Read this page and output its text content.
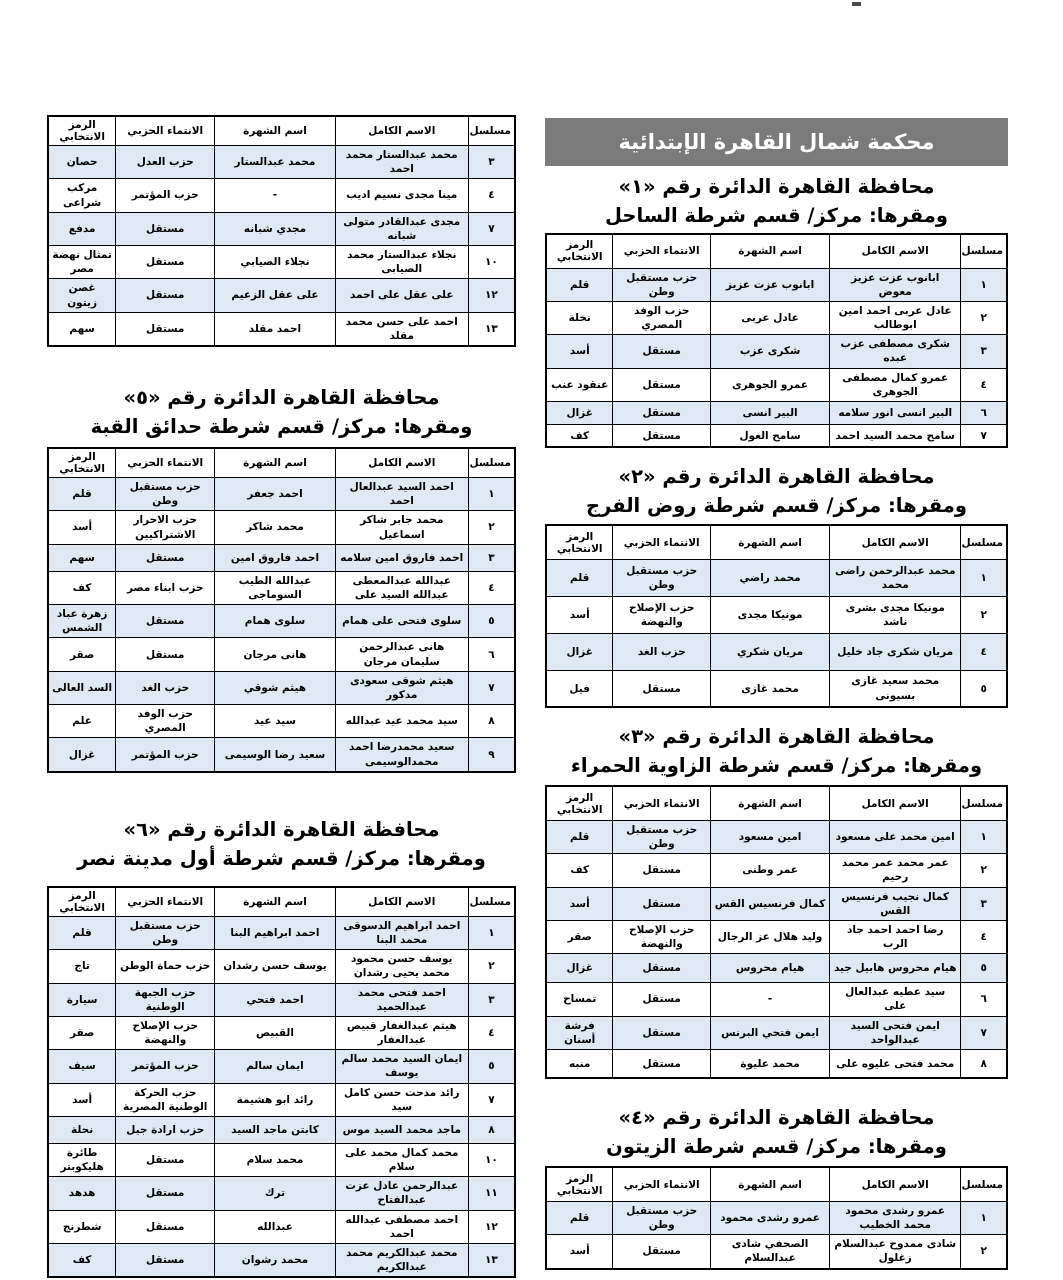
محكمة شمال القاهرة الإبتدائية
محافظة القاهرة الدائرة رقم «١»
ومقرها: مركز/ قسم شرطة الساحل
مسلسل	الاسم الكامل	اسم الشهرة	الانتماء الحزبي	الرمز الانتخابي
١	ابانوب عزت عزيز معوض	ابانوب عزت عزيز	حزب مستقبل وطن	قلم
٢	عادل عربى احمد امين ابوطالب	عادل عربى	حزب الوفد المصري	نخلة
٣	شكرى مصطفى عزب عبده	شكرى عزب	مستقل	أسد
٤	عمرو كمال مصطفى الجوهرى	عمرو الجوهرى	مستقل	عنقود عنب
٦	البير انسى انور سلامه	البير انسى	مستقل	غزال
٧	سامح محمد السيد احمد	سامح الغول	مستقل	كف
محافظة القاهرة الدائرة رقم «٢»
ومقرها: مركز/ قسم شرطة روض الفرج
مسلسل	الاسم الكامل	اسم الشهرة	الانتماء الحزبي	الرمز الانتخابي
١	محمد عبدالرحمن راضى محمد	محمد راضي	حزب مستقبل وطن	قلم
٢	مونيكا مجدى بشرى ناشد	مونيكا مجدى	حزب الإصلاح والنهضة	أسد
٤	مريان شكرى جاد خليل	مريان شكري	حزب الغد	غزال
٥	محمد سعيد غازى بسيونى	محمد غازى	مستقل	فيل
محافظة القاهرة الدائرة رقم «٣»
ومقرها: مركز/ قسم شرطة الزاوية الحمراء
مسلسل	الاسم الكامل	اسم الشهرة	الانتماء الحزبي	الرمز الانتخابي
١	امين محمد على مسعود	امين مسعود	حزب مستقبل وطن	قلم
٢	عمر محمد عمر محمد رحيم	عمر وطنى	مستقل	كف
٣	كمال نجيب فرنسيس القس	كمال فرنسيس القس	مستقل	أسد
٤	رضا احمد احمد جاد الرب	وليد هلال عز الرجال	حزب الإصلاح والنهضة	صقر
٥	هيام محروس هابيل جيد	هيام محروس	مستقل	غزال
٦	سيد عطيه عبدالعال على	-	مستقل	تمساح
٧	ايمن فتحى السيد عبدالواحد	ايمن فتحي البرنس	مستقل	فرشة أسنان
٨	محمد فتحى عليوه على	محمد عليوة	مستقل	منبه
محافظة القاهرة الدائرة رقم «٤»
ومقرها: مركز/ قسم شرطة الزيتون
مسلسل	الاسم الكامل	اسم الشهرة	الانتماء الحزبي	الرمز الانتخابي
١	عمرو رشدى محمود محمد الخطيب	عمرو رشدى محمود	حزب مستقبل وطن	قلم
٢	شادى ممدوح عبدالسلام زغلول	الصحفي شادى عبدالسلام	مستقل	أسد
مسلسل	الاسم الكامل	اسم الشهرة	الانتماء الحزبي	الرمز الانتخابي
٣	محمد عبدالستار محمد احمد	محمد عبدالستار	حزب العدل	حصان
٤	مينا مجدى نسيم اديب	-	حزب المؤتمر	مركب شراعى
٧	مجدى عبدالقادر متولى شبانه	مجدي شبانه	مستقل	مدفع
١٠	نجلاء عبدالستار محمد الصيابى	نجلاء الصيابي	مستقل	تمثال نهضة مصر
١٢	على عقل على احمد	على عقل الزعيم	مستقل	غصن زيتون
١٣	احمد على حسن محمد مقلد	احمد مقلد	مستقل	سهم
محافظة القاهرة الدائرة رقم «٥»
ومقرها: مركز/ قسم شرطة حدائق القبة
مسلسل	الاسم الكامل	اسم الشهرة	الانتماء الحزبي	الرمز الانتخابي
١	احمد السيد عبدالعال احمد	احمد جعفر	حزب مستقبل وطن	قلم
٢	محمد جابر شاكر اسماعيل	محمد شاكر	حزب الاحرار الاشتراكيين	أسد
٣	احمد فاروق امين سلامه	احمد فاروق امين	مستقل	سهم
٤	عبدالله عبدالمعطى عبدالله السيد على	عبدالله الطيب السوماجى	حزب ابناء مصر	كف
٥	سلوى فتحى على همام	سلوى همام	مستقل	زهرة عباد الشمس
٦	هانى عبدالرحمن سليمان مرجان	هانى مرجان	مستقل	صقر
٧	هيثم شوقى سعودى مدكور	هيثم شوقي	حزب الغد	السد العالى
٨	سيد محمد عيد عبدالله	سيد عيد	حزب الوفد المصري	علم
٩	سعيد محمدرضا احمد محمدالوسيمى	سعيد رضا الوسيمى	حزب المؤتمر	غزال
محافظة القاهرة الدائرة رقم «٦»
ومقرها: مركز/ قسم شرطة أول مدينة نصر
مسلسل	الاسم الكامل	اسم الشهرة	الانتماء الحزبي	الرمز الانتخابي
١	احمد ابراهيم الدسوقى محمد البنا	احمد ابراهيم البنا	حزب مستقبل وطن	قلم
٢	يوسف حسن محمود محمد يحيى رشدان	يوسف حسن رشدان	حزب حماة الوطن	تاج
٣	احمد فتحى محمد عبدالحميد	احمد فتحي	حزب الجبهة الوطنية	سيارة
٤	هيثم عبدالغفار قبيص عبدالغفار	القبيص	حزب الإصلاح والنهضة	صقر
٥	ايمان السيد محمد سالم يوسف	ايمان سالم	حزب المؤتمر	سيف
٧	رائد مدحت حسن كامل سيد	رائد ابو هشيمة	حزب الحركة الوطنية المصرية	أسد
٨	ماجد محمد السيد موس	كابتن ماجد السيد	حزب ارادة جيل	نحلة
١٠	محمد كمال محمد على سلام	محمد سلام	مستقل	طائرة هليكوبتر
١١	عبدالرحمن عادل عزت عبدالفتاح	ترك	مستقل	هدهد
١٢	احمد مصطفى عبدالله احمد	عبدالله	مستقل	شطرنج
١٣	محمد عبدالكريم محمد عبدالكريم	محمد رشوان	مستقل	كف
